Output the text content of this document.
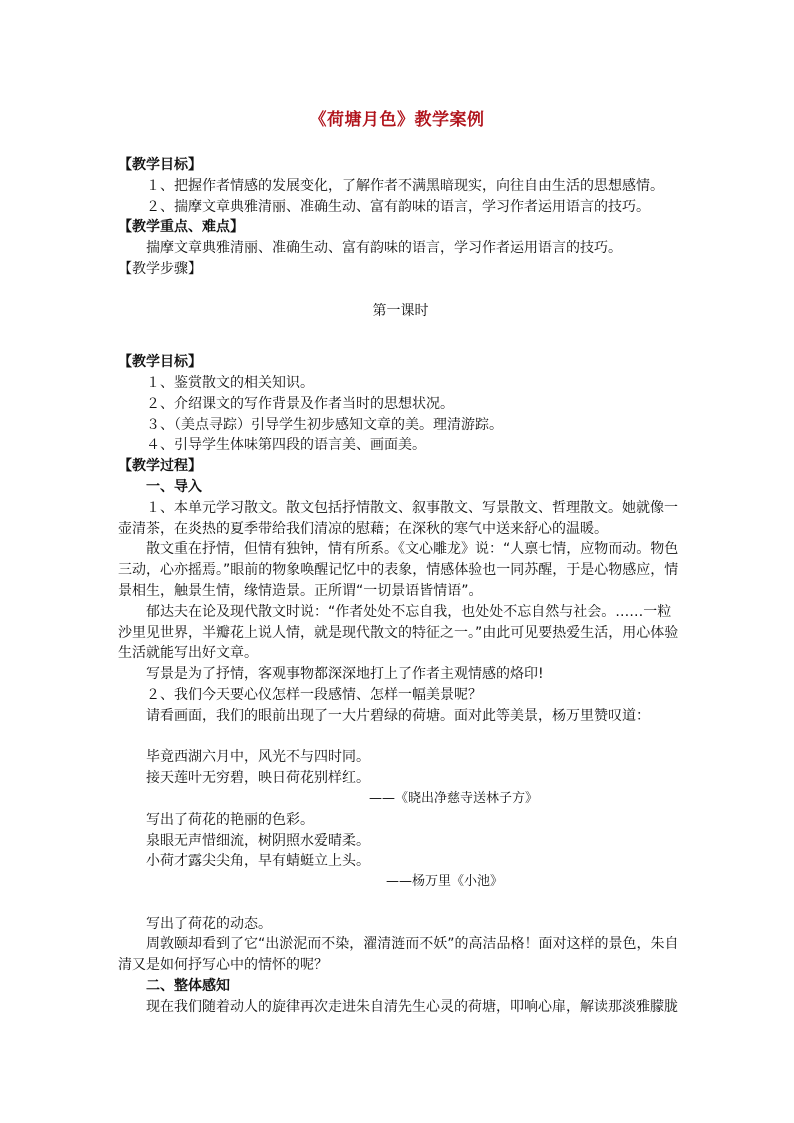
《荷塘月色》教学案例

【教学目标】

１、把握作者情感的发展变化，了解作者不满黑暗现实，向往自由生活的思想感情。

２、揣摩文章典雅清丽、准确生动、富有韵味的语言，学习作者运用语言的技巧。

【教学重点、难点】

揣摩文章典雅清丽、准确生动、富有韵味的语言，学习作者运用语言的技巧。

【教学步骤】

第一课时

【教学目标】

１、鉴赏散文的相关知识。

２、介绍课文的写作背景及作者当时的思想状况。

３、（美点寻踪）引导学生初步感知文章的美。理清游踪。

４、引导学生体味第四段的语言美、画面美。

【教学过程】

一、导入

１、本单元学习散文。散文包括抒情散文、叙事散文、写景散文、哲理散文。她就像一壶清茶，在炎热的夏季带给我们清凉的慰藉；在深秋的寒气中送来舒心的温暖。

散文重在抒情，但情有独钟，情有所系。《文心雕龙》说：“人禀七情，应物而动。物色三动，心亦摇焉。”眼前的物象唤醒记忆中的表象，情感体验也一同苏醒，于是心物感应，情景相生，触景生情，缘情造景。正所谓“一切景语皆情语”。

郁达夫在论及现代散文时说：“作者处处不忘自我，也处处不忘自然与社会。……一粒沙里见世界，半瓣花上说人情，就是现代散文的特征之一。”由此可见要热爱生活，用心体验生活就能写出好文章。

写景是为了抒情，客观事物都深深地打上了作者主观情感的烙印!

２、我们今天要心仪怎样一段感情、怎样一幅美景呢？

请看画面，我们的眼前出现了一大片碧绿的荷塘。面对此等美景，杨万里赞叹道：

毕竟西湖六月中，风光不与四时同。

接天莲叶无穷碧，映日荷花别样红。

——《晓出净慈寺送林子方》

写出了荷花的艳丽的色彩。

泉眼无声惜细流，树阴照水爱晴柔。

小荷才露尖尖角，早有蜻蜓立上头。

——杨万里《小池》

写出了荷花的动态。

周敦颐却看到了它“出淤泥而不染，濯清涟而不妖”的高洁品格！面对这样的景色，朱自清又是如何抒写心中的情怀的呢？

二、整体感知

现在我们随着动人的旋律再次走进朱自清先生心灵的荷塘，叩响心扉，解读那淡雅朦胧
